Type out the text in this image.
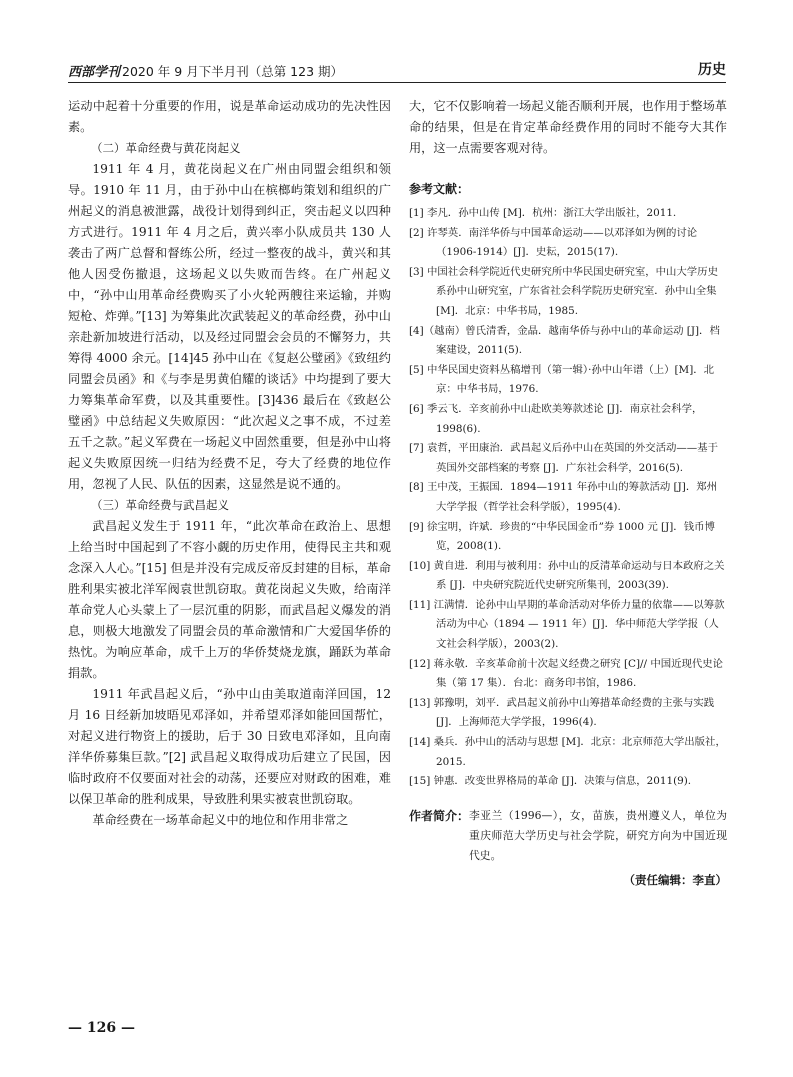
西部学刊 2020 年 9 月下半月刊（总第 123 期）	历史

运动中起着十分重要的作用，说是革命运动成功的先决性因素。

（二）革命经费与黄花岗起义

1911 年 4 月，黄花岗起义在广州由同盟会组织和领导。1910 年 11 月，由于孙中山在槟榔屿策划和组织的广州起义的消息被泄露，战役计划得到纠正，突击起义以四种方式进行。1911 年 4 月之后，黄兴率小队成员共 130 人袭击了两广总督和督练公所，经过一整夜的战斗，黄兴和其他人因受伤撤退，这场起义以失败而告终。在广州起义中，“孙中山用革命经费购买了小火轮两艘往来运输，并购短枪、炸弹。”[13] 为筹集此次武装起义的革命经费，孙中山亲赴新加坡进行活动，以及经过同盟会会员的不懈努力，共筹得 4000 余元。[14]45 孙中山在《复赵公璧函》《致纽约同盟会员函》和《与李是男黄伯耀的谈话》中均提到了要大力筹集革命军费，以及其重要性。[3]436 最后在《致赵公璧函》中总结起义失败原因：“此次起义之事不成，不过差五千之款。”起义军费在一场起义中固然重要，但是孙中山将起义失败原因统一归结为经费不足，夸大了经费的地位作用，忽视了人民、队伍的因素，这显然是说不通的。

（三）革命经费与武昌起义

武昌起义发生于 1911 年，“此次革命在政治上、思想上给当时中国起到了不容小觑的历史作用，使得民主共和观念深入人心。”[15] 但是并没有完成反帝反封建的目标，革命胜利果实被北洋军阀袁世凯窃取。黄花岗起义失败，给南洋革命党人心头蒙上了一层沉重的阴影，而武昌起义爆发的消息，则极大地激发了同盟会员的革命激情和广大爱国华侨的热忱。为响应革命，成千上万的华侨焚烧龙旗，踊跃为革命捐款。

1911 年武昌起义后，“孙中山由美取道南洋回国，12 月 16 日经新加坡晤见邓泽如，并希望邓泽如能回国帮忙，对起义进行物资上的援助，后于 30 日致电邓泽如，且向南洋华侨募集巨款。”[2] 武昌起义取得成功后建立了民国，因临时政府不仅要面对社会的动荡，还要应对财政的困难，难以保卫革命的胜利成果，导致胜利果实被袁世凯窃取。

革命经费在一场革命起义中的地位和作用非常之

大，它不仅影响着一场起义能否顺利开展，也作用于整场革命的结果，但是在肯定革命经费作用的同时不能夸大其作用，这一点需要客观对待。

参考文献：

[1] 李凡．孙中山传 [M]．杭州：浙江大学出版社，2011.

[2] 许琴英．南洋华侨与中国革命运动——以邓泽如为例的讨论（1906-1914）[J]．史耘，2015(17).

[3] 中国社会科学院近代史研究所中华民国史研究室，中山大学历史系孙中山研究室，广东省社会科学院历史研究室．孙中山全集 [M]．北京：中华书局，1985.

[4]（越南）曾氏清香，金晶．越南华侨与孙中山的革命运动 [J]．档案建设，2011(5).

[5] 中华民国史资料丛稿增刊（第一辑）·孙中山年谱（上）[M]．北京：中华书局，1976.

[6] 季云飞．辛亥前孙中山赴欧美筹款述论 [J]．南京社会科学，1998(6).

[7] 袁哲，平田康治．武昌起义后孙中山在英国的外交活动——基于英国外交部档案的考察 [J]．广东社会科学，2016(5).

[8] 王中茂，王振国．1894—1911 年孙中山的筹款活动 [J]．郑州大学学报（哲学社会科学版），1995(4).

[9] 徐宝明，许斌．珍贵的“中华民国金币”券 1000 元 [J]．钱币博览，2008(1).

[10] 黄自进．利用与被利用：孙中山的反清革命运动与日本政府之关系 [J]．中央研究院近代史研究所集刊，2003(39).

[11] 江满情．论孙中山早期的革命活动对华侨力量的依靠——以筹款活动为中心（1894 — 1911 年）[J]．华中师范大学学报（人文社会科学版），2003(2).

[12] 蒋永敬．辛亥革命前十次起义经费之研究 [C]// 中国近现代史论集（第 17 集）．台北：商务印书馆，1986.

[13] 郭豫明，刘平．武昌起义前孙中山筹措革命经费的主张与实践 [J]．上海师范大学学报，1996(4).

[14] 桑兵．孙中山的活动与思想 [M]．北京：北京师范大学出版社，2015.

[15] 钟惠．改变世界格局的革命 [J]．决策与信息，2011(9).

作者简介： 李亚兰（1996—），女，苗族，贵州遵义人，单位为重庆师范大学历史与社会学院，研究方向为中国近现代史。
（责任编辑：李直）
— 126 —
